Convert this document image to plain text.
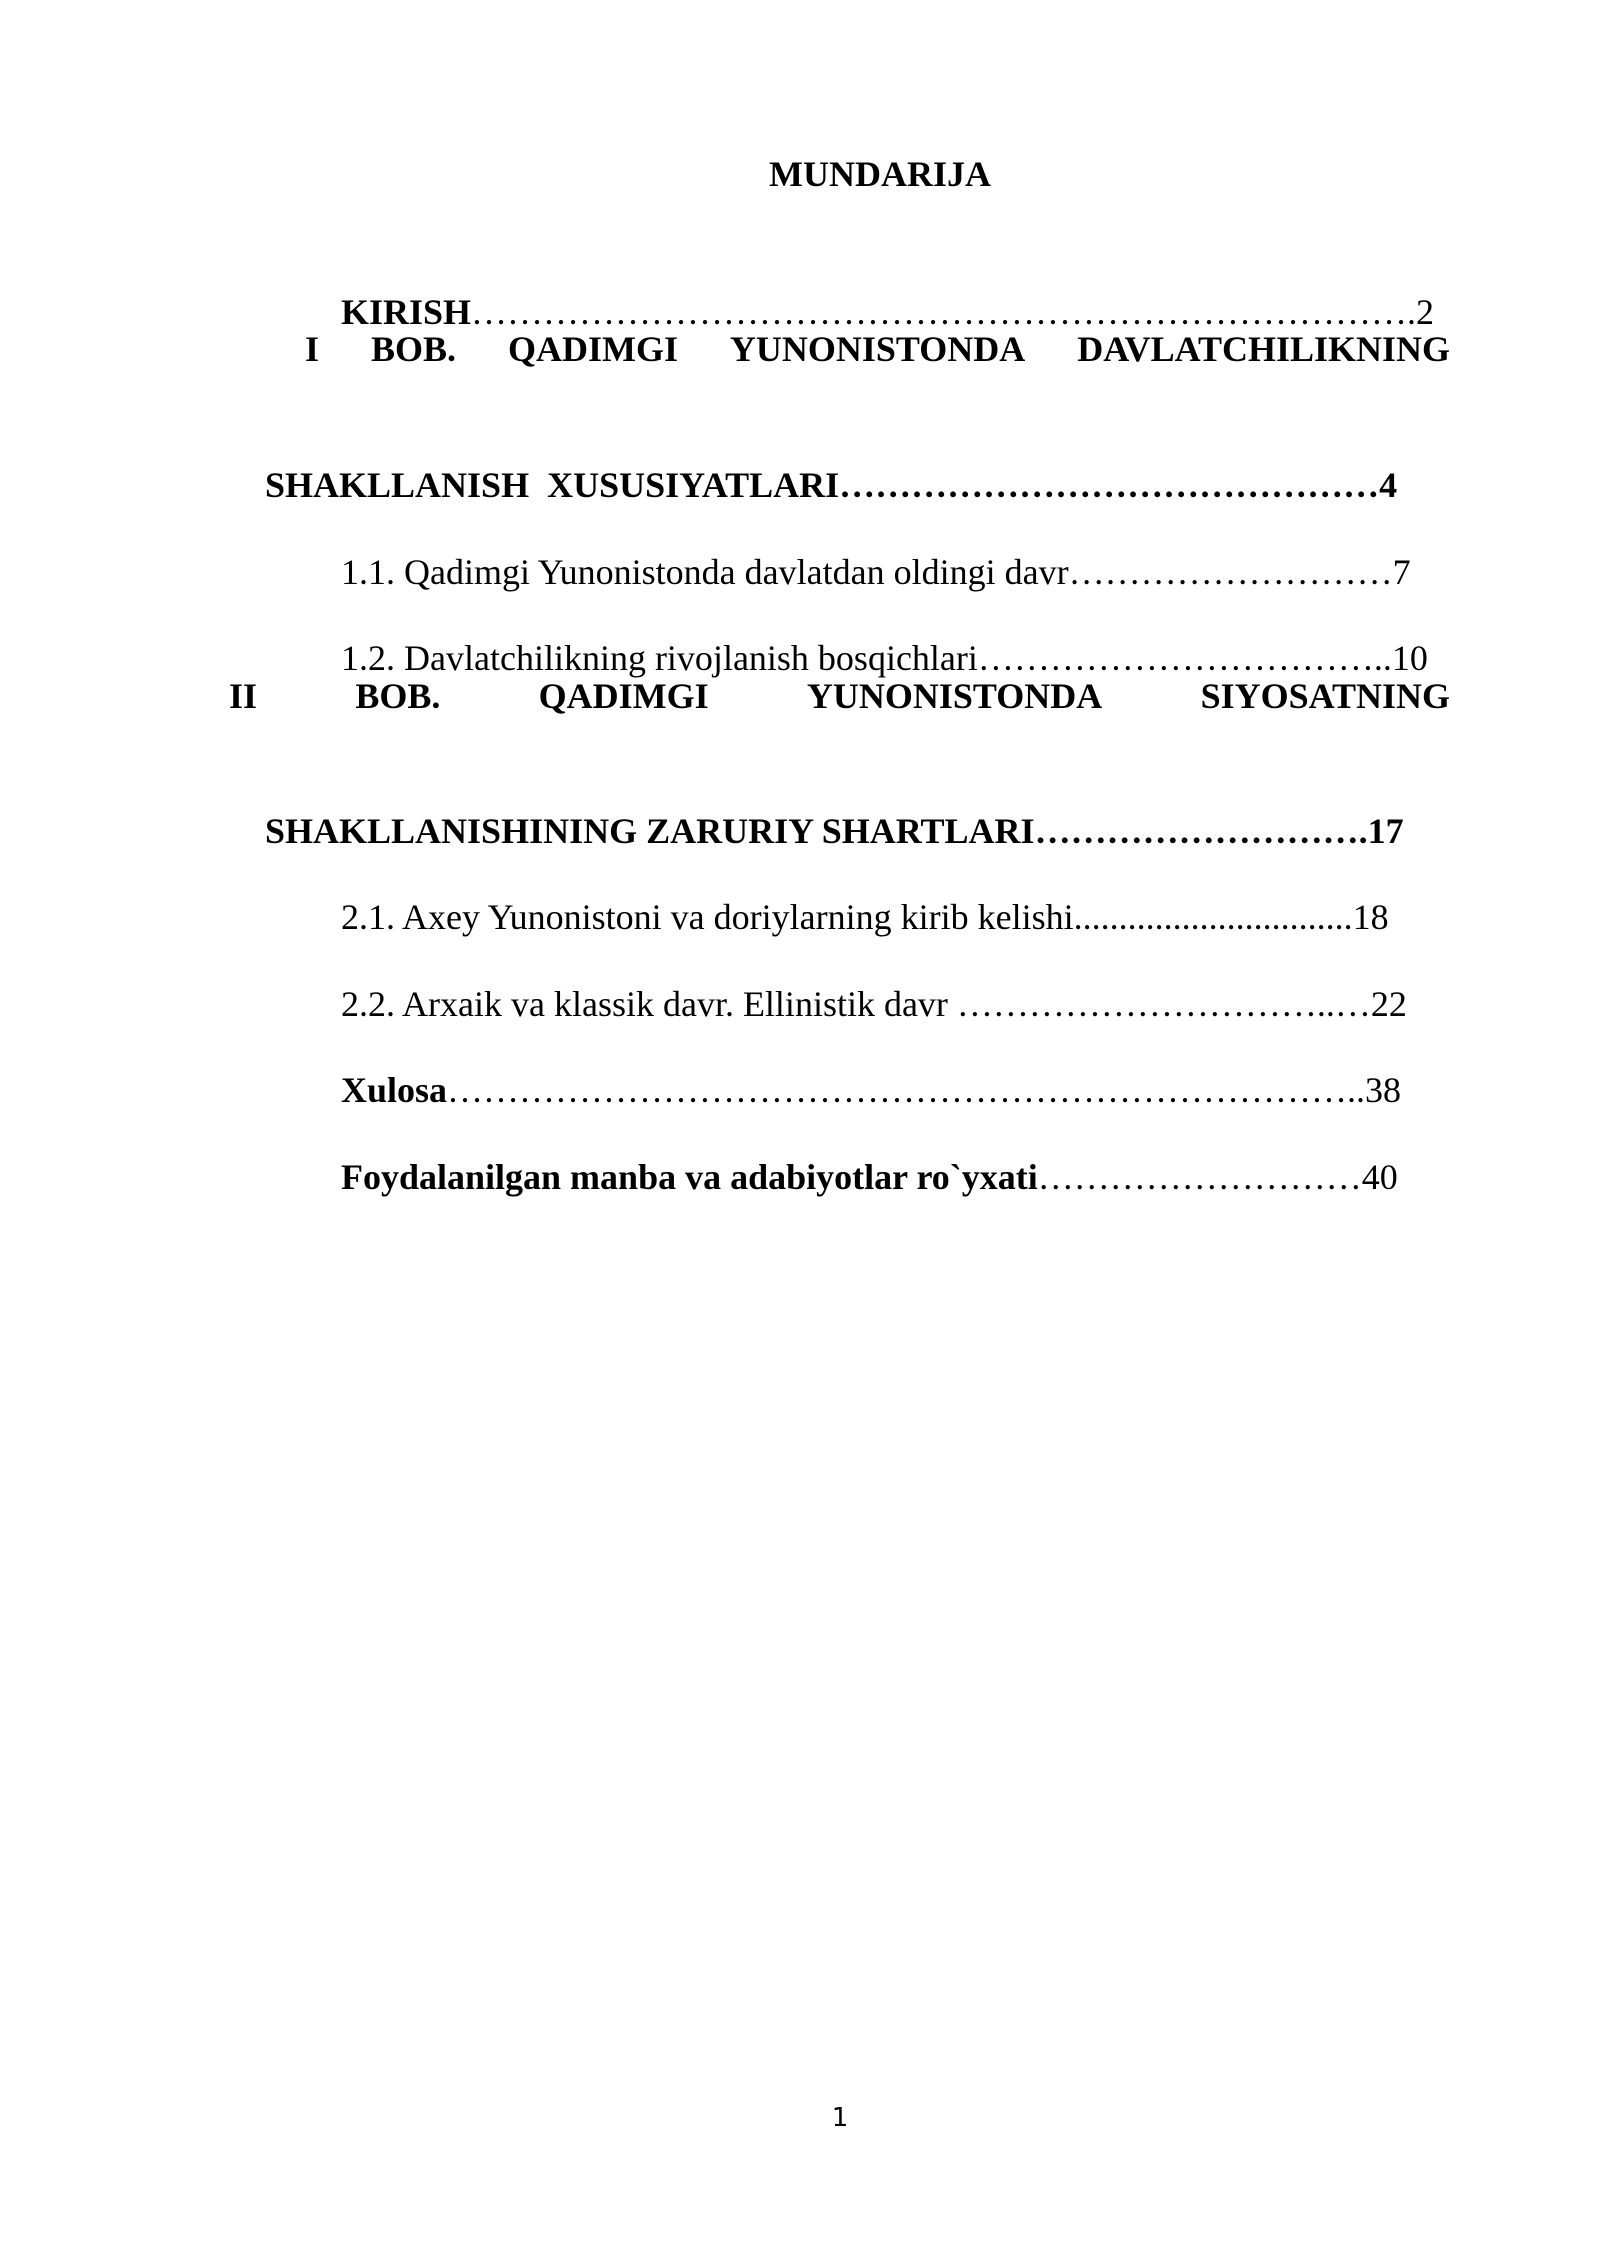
MUNDARIJA

KIRISH…………………………………………………………………….2

I BOB. QADIMGI YUNONISTONDA DAVLATCHILIKNING

SHAKLLANISH  XUSUSIYATLARI………………………………………4

1.1. Qadimgi Yunonistonda davlatdan oldingi davr………………………7

1.2. Davlatchilikning rivojlanish bosqichlari……………………………..10

II	BOB.	QADIMGI	YUNONISTONDA	SIYOSATNING

SHAKLLANISHINING ZARURIY SHARTLARI……………………….17

2.1. Axey Yunonistoni va doriylarning kirib kelishi...............................18

2.2. Arxaik va klassik davr. Ellinistik davr …………………………..…22

Xulosa…………………………………………………………………..38

Foydalanilgan manba va adabiyotlar ro`yxati………………………40

1
